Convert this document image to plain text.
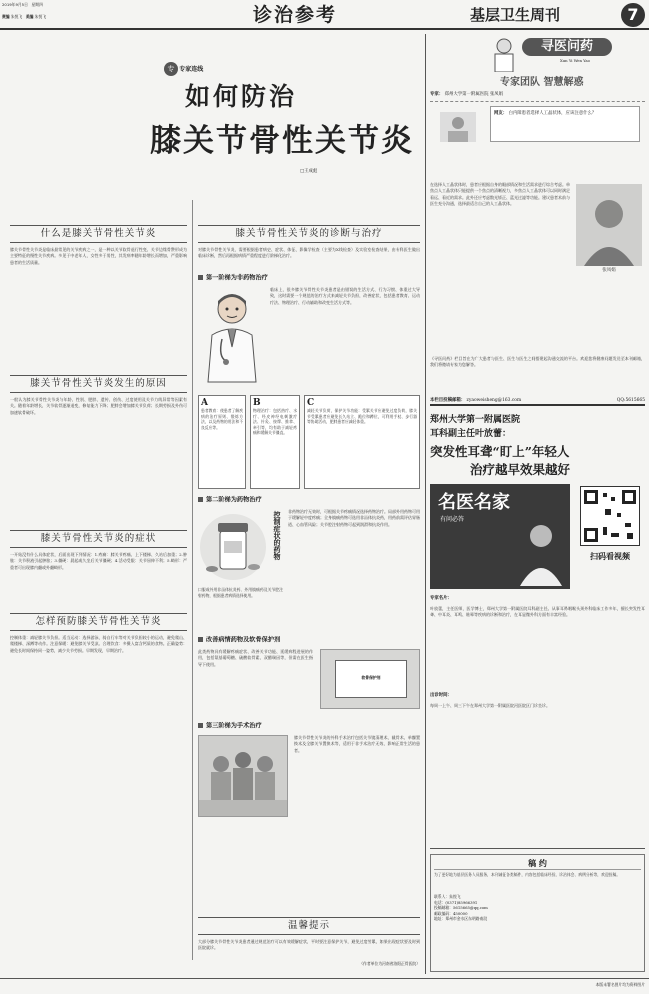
2019年9月5日 星期四
责编 朱悦飞 美编 朱悦飞	诊治参考	基层卫生周刊	7
专 专家连线
如何防治
膝关节骨性关节炎
□王成彪
什么是膝关节骨性关节炎
膝关节骨性关节炎是临床最常见的关节疾病之一，是一种以关节软骨退行性变、关节边缘骨赘形成为主要特征的慢性关节疾病。多见于中老年人，女性多于男性，其发病率随年龄增长而增加，严重影响患者的生活质量。
膝关节骨性关节炎发生的原因
一般认为膝关节骨性关节炎与年龄、性别、肥胖、遗传、创伤、过度使用及关节力线异常等因素有关。随着年龄增长，关节软骨逐渐退变，修复能力下降；肥胖会增加膝关节负荷；长期劳损及外伤可加速软骨破坏。
膝关节骨性关节炎的症状
一开始没有什么具体症状，后面出现下列情况：1.疼痛：膝关节疼痛、上下楼梯、久站后加重；2.肿胀：关节积液引起肿胀；3.僵硬：晨起或久坐后关节僵硬；4.活动受限：关节屈伸不利；5.畸形：严重者可出现膝内翻或外翻畸形。
怎样预防膝关节骨性关节炎
控制体重：减轻膝关节负担。适当运动：选择游泳、骑自行车等对关节负担较小的运动，避免爬山、爬楼梯、深蹲等动作。注意保暖：避免膝关节受凉。合理饮食：多摄入富含钙质的食物。正确姿势：避免长时间保持同一姿势，减少关节劳损。早期发现，早期治疗。
膝关节骨性关节炎的诊断与治疗
对膝关节骨性关节炎，需要根据患者病史、症状、体征、影像学检查（主要为X线检查）及实验室检查结果，由专科医生做出临床诊断，然后再根据病情严重程度进行阶梯化治疗。
第一阶梯为非药物治疗
临床上，很多膝关节骨性关节炎患者是由错误的生活方式、行为习惯、体重过大导致，这时需要一个规范的治疗方式来减轻关节负担，改善症状，包括患者教育、运动疗法、物理治疗、行动辅助和改变生活方式等。
A
患者教育：使患者了解疾病的治疗原则、锻炼方法，以及药物的用法和不良反应等。
B
物理治疗：包括热疗、水疗、经皮神经电刺激疗法、针灸、按摩、推拿、牵引等，均有助于减轻疼痛和缓解关节僵直。
C
减轻关节负荷，保护关节功能：受累关节应避免过度负荷，膝关节受累患者应避免长久站立、跪位和蹲位，可利用手杖、步行器等协助活动，肥胖患者应减轻体重。
第二阶梯为药物治疗
控制症状的药物
口服或外用非甾体抗炎药、外用镇痛药及关节腔注射药物，根据患者病情选择使用。
非药物治疗无效时，可根据关节疼痛情况选择药物治疗。局部外用药物可用于缓解轻中度疼痛；全身镇痛药物可选用非甾体抗炎药，用药前需评估胃肠道、心血管风险；关节腔注射药物可起到润滑和抗炎作用。
改善病情药物及软骨保护剂
此类药物具有缓解疼痛症状、改善关节功能、延缓病程进展的作用，包括氨基葡萄糖、硫酸软骨素、双醋瑞因等，但需在医生指导下使用。
软骨保护剂
第三阶梯为手术治疗
膝关节骨性关节炎的外科手术治疗包括关节镜清理术、截骨术、单髁置换术及全膝关节置换术等，适用于非手术治疗无效、影响正常生活的患者。
温馨提示
大部分膝关节骨性关节炎患者通过规范治疗可以有效缓解症状，平时要注意保护关节，避免过度劳累，如果出现症状要及时到医院就诊。
（作者单位为河南省洛阳正骨医院）
寻医问药
Xun Yi Wen Yao
专家团队 智慧解惑
专家： 郑州大学第一附属医院 张凤娟
网友： 白内障患者选择人工晶状体，应该注意什么？
在选择人工晶状体时，患者应根据自身的眼部情况和生活需求进行综合考虑。单焦点人工晶状体只能提供一个焦点的清晰视力，多焦点人工晶状体可以同时满足看远、看近的需求。此外还应考虑散光矫正、蓝光过滤等功能。建议患者术前与医生充分沟通，选择最适合自己的人工晶状体。
张凤娟
《寻医问药》栏目旨在为广大患者与医生、医生与医生之间搭建起沟通交流的平台。欢迎您将健康问题发送至本刊邮箱，我们将邀请专家为您解答。
本栏目投稿邮箱： zyaoweisheng@163.com	QQ:5615665
郑州大学第一附属医院
耳科副主任叶放蕾：
突发性耳聋“盯上”年轻人
治疗越早效果越好
名医名家
有问必答
扫码看视频
专家名片：
叶放蕾，主任医师，医学博士，郑州大学第一附属医院耳科副主任。从事耳鼻咽喉头颈外科临床工作多年，擅长突发性耳聋、中耳炎、耳鸣、眩晕等疾病的诊断和治疗，在耳显微外科方面有丰富经验。
出诊时间：
每周一上午、周三下午在郑州大学第一附属医院河医院区门诊坐诊。
稿 约
为了更好地为基层医务人员服务，本刊诚征各类稿件，内容包括临床经验、诊治体会、病例分析等，欢迎投稿。
联系人：朱悦飞
电话：(0371)85966391
投稿邮箱：5615665@qq.com
邮政编码：450000
地址：郑州市金水区东明路南段
本版未署名图片均为资料图片
